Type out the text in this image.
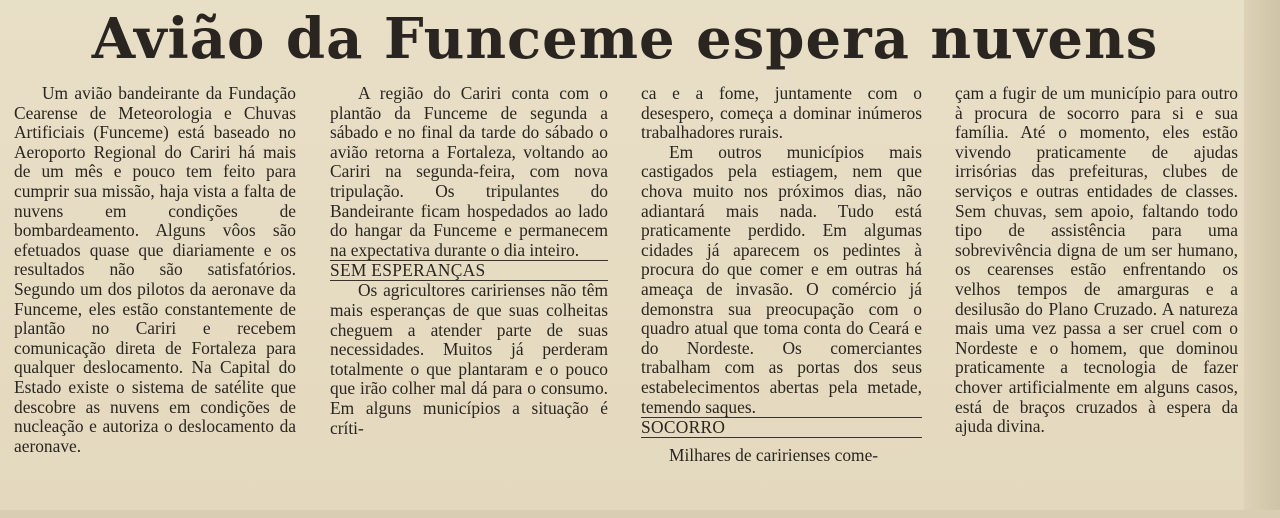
Avião da Funceme espera nuvens

Um avião bandeirante da Fundação Cearense de Meteorologia e Chuvas Artificiais (Funceme) está baseado no Aeroporto Regional do Cariri há mais de um mês e pouco tem feito para cumprir sua missão, haja vista a falta de nuvens em condições de bombardeamento. Alguns vôos são efetuados quase que diariamente e os resultados não são satisfatórios. Segundo um dos pilotos da aeronave da Funceme, eles estão constantemente de plantão no Cariri e recebem comunicação direta de Fortaleza para qualquer deslocamento. Na Capital do Estado existe o sistema de satélite que descobre as nuvens em condições de nucleação e autoriza o deslocamento da aeronave.

A região do Cariri conta com o plantão da Funceme de segunda a sábado e no final da tarde do sábado o avião retorna a Fortaleza, voltando ao Cariri na segunda-feira, com nova tripulação. Os tripulantes do Bandeirante ficam hospedados ao lado do hangar da Funceme e permanecem na expectativa durante o dia inteiro.

SEM ESPERANÇAS

Os agricultores caririenses não têm mais esperanças de que suas colheitas cheguem a atender parte de suas necessidades. Muitos já perderam totalmente o que plantaram e o pouco que irão colher mal dá para o consumo. Em alguns municípios a situação é críti-

ca e a fome, juntamente com o desespero, começa a dominar inúmeros trabalhadores rurais.

Em outros municípios mais castigados pela estiagem, nem que chova muito nos próximos dias, não adiantará mais nada. Tudo está praticamente perdido. Em algumas cidades já aparecem os pedintes à procura do que comer e em outras há ameaça de invasão. O comércio já demonstra sua preocupação com o quadro atual que toma conta do Ceará e do Nordeste. Os comerciantes trabalham com as portas dos seus estabelecimentos abertas pela metade, temendo saques.

SOCORRO

Milhares de caririenses come-

çam a fugir de um município para outro à procura de socorro para si e sua família. Até o momento, eles estão vivendo praticamente de ajudas irrisórias das prefeituras, clubes de serviços e outras entidades de classes. Sem chuvas, sem apoio, faltando todo tipo de assistência para uma sobrevivência digna de um ser humano, os cearenses estão enfrentando os velhos tempos de amarguras e a desilusão do Plano Cruzado. A natureza mais uma vez passa a ser cruel com o Nordeste e o homem, que dominou praticamente a tecnologia de fazer chover artificialmente em alguns casos, está de braços cruzados à espera da ajuda divina.
